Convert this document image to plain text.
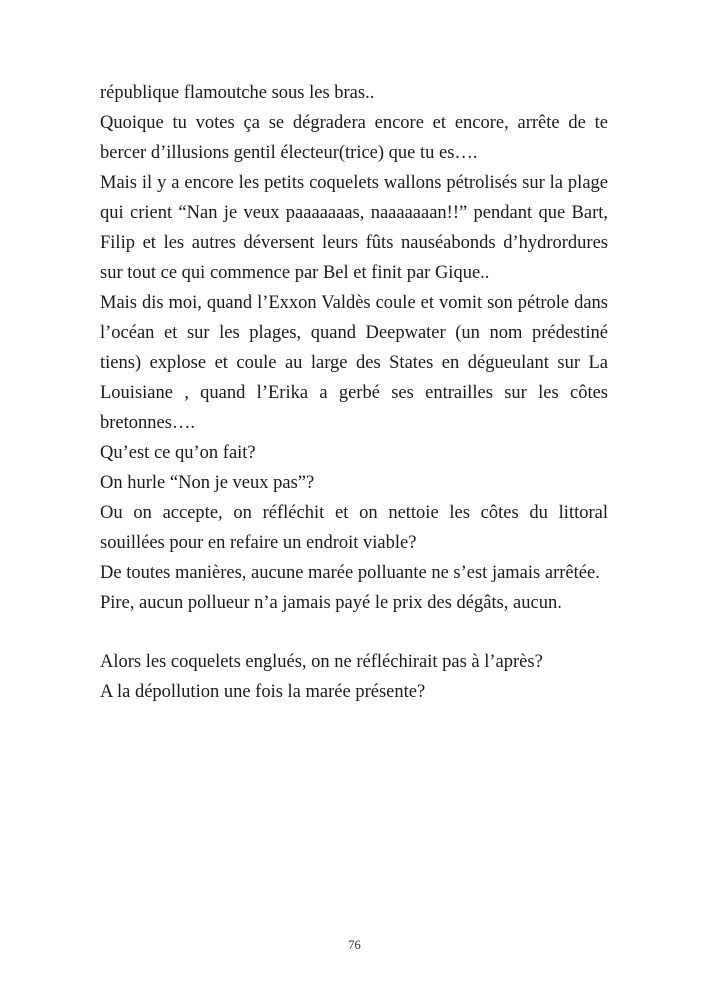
république flamoutche sous les bras..

Quoique tu votes ça se dégradera encore et encore, arrête de te bercer d’illusions gentil électeur(trice) que tu es….

Mais il y a encore les petits coquelets wallons pétrolisés sur la plage qui crient “Nan je veux paaaaaaas, naaaaaaan!!” pendant que Bart, Filip et les autres déversent leurs fûts nauséabonds d’hydrordures sur tout ce qui commence par Bel et finit par Gique..

Mais dis moi, quand l’Exxon Valdès coule et vomit son pétrole dans l’océan et sur les plages, quand Deepwater (un nom prédestiné tiens) explose et coule au large des States en dégueulant sur La Louisiane , quand l’Erika a gerbé ses entrailles sur les côtes bretonnes….

Qu’est ce qu’on fait?

On hurle “Non je veux pas”?

Ou on accepte, on réfléchit et on nettoie les côtes du littoral souillées pour en refaire un endroit viable?

De toutes manières, aucune marée polluante ne s’est jamais arrêtée.

Pire, aucun pollueur n’a jamais payé le prix des dégâts, aucun.

Alors les coquelets englués, on ne réfléchirait pas à l’après?

A la dépollution une fois la marée présente?

76
